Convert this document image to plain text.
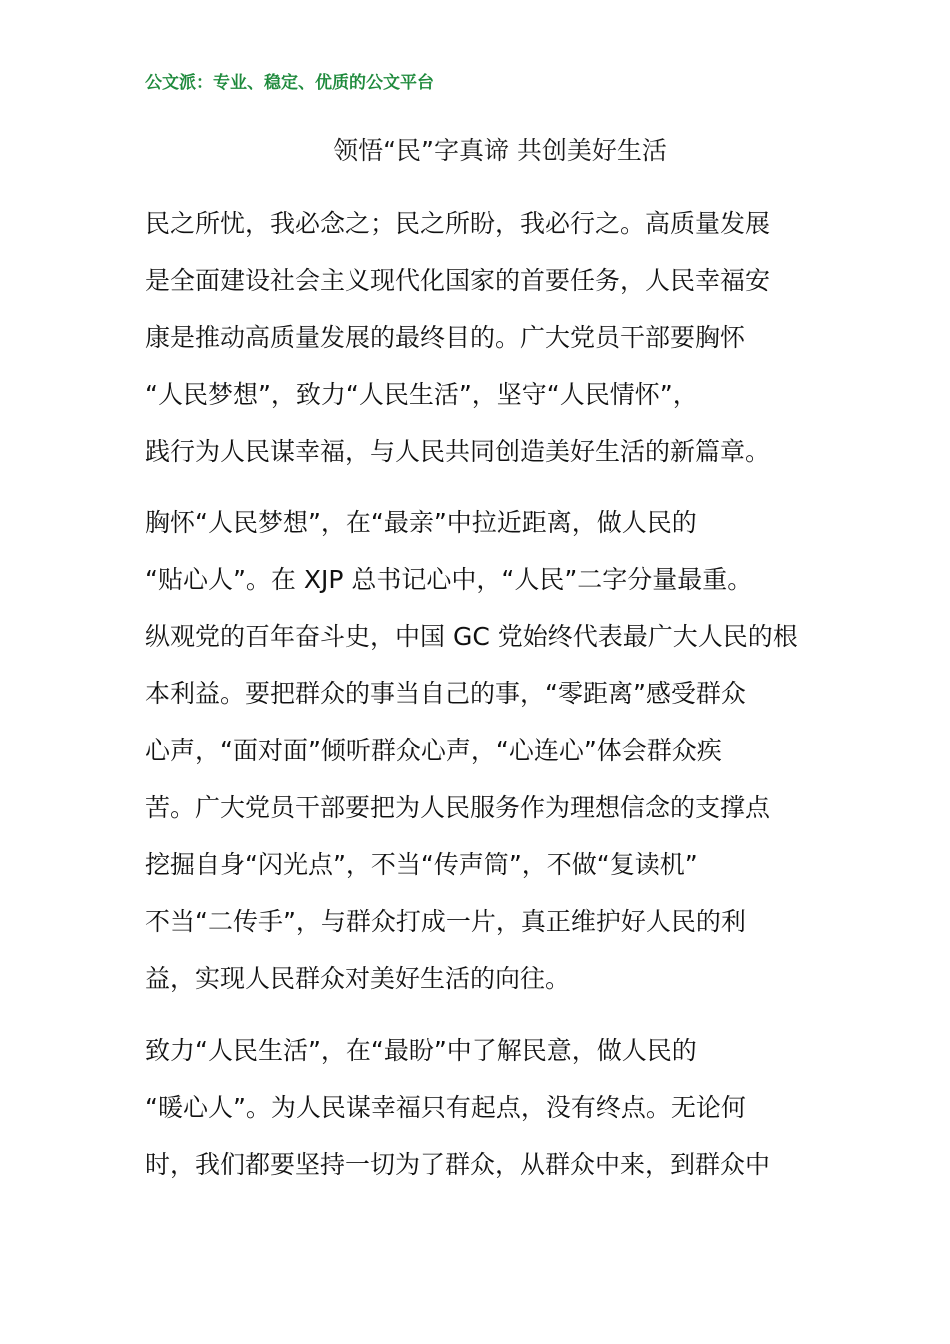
公文派：专业、稳定、优质的公文平台
领悟“民”字真谛 共创美好生活
民之所忧，我必念之；民之所盼，我必行之。高质量发展
是全面建设社会主义现代化国家的首要任务，人民幸福安
康是推动高质量发展的最终目的。广大党员干部要胸怀
“人民梦想”，致力“人民生活”，坚守“人民情怀”，
践行为人民谋幸福，与人民共同创造美好生活的新篇章。
胸怀“人民梦想”，在“最亲”中拉近距离，做人民的
“贴心人”。在 XJP 总书记心中，“人民”二字分量最重。
纵观党的百年奋斗史，中国 GC 党始终代表最广大人民的根
本利益。要把群众的事当自己的事，“零距离”感受群众
心声，“面对面”倾听群众心声，“心连心”体会群众疾
苦。广大党员干部要把为人民服务作为理想信念的支撑点
挖掘自身“闪光点”，不当“传声筒”，不做“复读机”
不当“二传手”，与群众打成一片，真正维护好人民的利
益，实现人民群众对美好生活的向往。
致力“人民生活”，在“最盼”中了解民意，做人民的
“暖心人”。为人民谋幸福只有起点，没有终点。无论何
时，我们都要坚持一切为了群众，从群众中来，到群众中
